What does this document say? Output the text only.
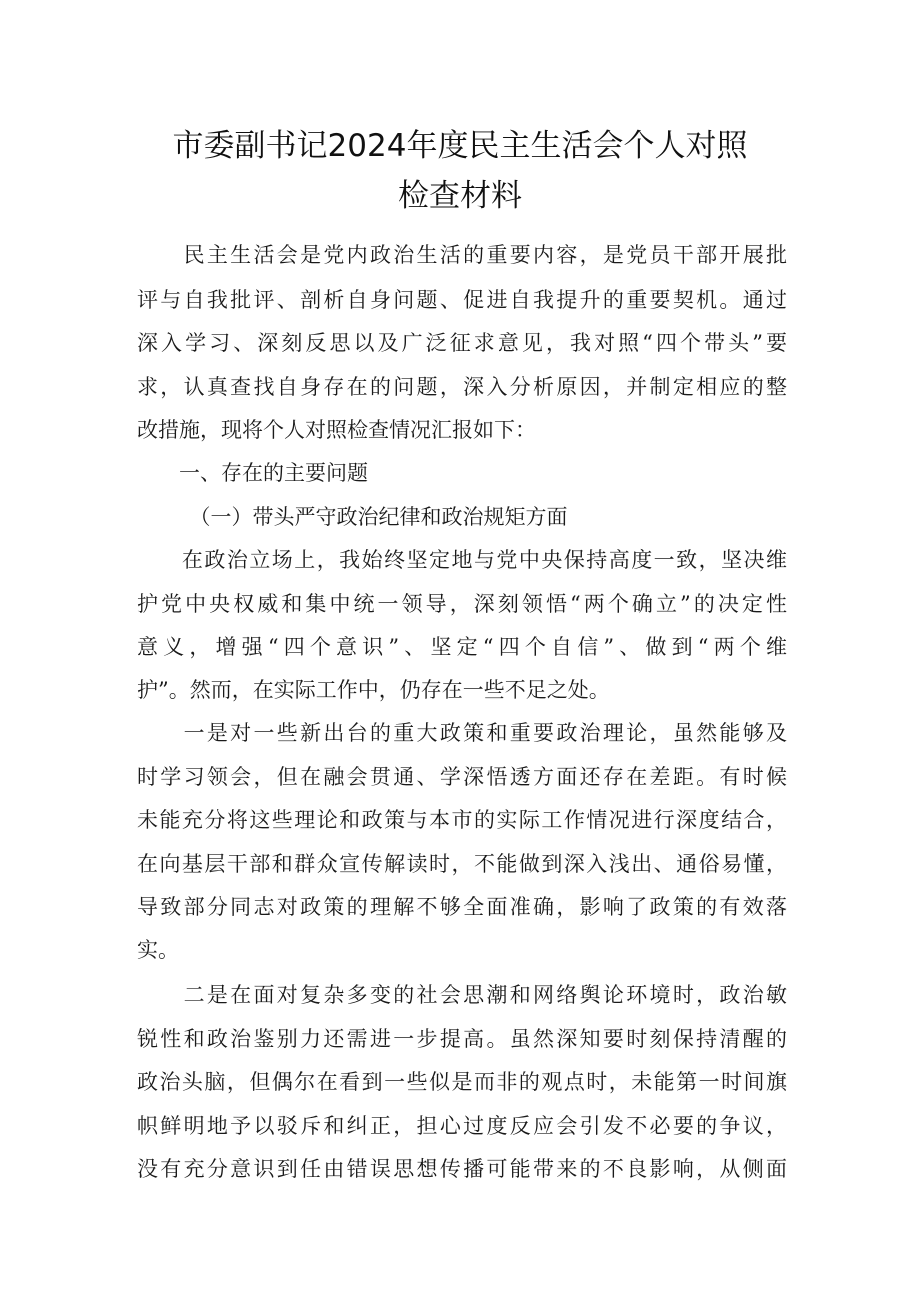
市委副书记2024年度民主生活会个人对照
检查材料
　　民主生活会是党内政治生活的重要内容，是党员干部开展批
评与自我批评、剖析自身问题、促进自我提升的重要契机。通过
深入学习、深刻反思以及广泛征求意见，我对照“四个带头”要
求，认真查找自身存在的问题，深入分析原因，并制定相应的整
改措施，现将个人对照检查情况汇报如下：
　　一、存在的主要问题
　　　（一）带头严守政治纪律和政治规矩方面
　　在政治立场上，我始终坚定地与党中央保持高度一致，坚决维
护党中央权威和集中统一领导，深刻领悟“两个确立”的决定性
意义，增强“四个意识”、坚定“四个自信”、做到“两个维
护”。然而，在实际工作中，仍存在一些不足之处。
　　一是对一些新出台的重大政策和重要政治理论，虽然能够及
时学习领会，但在融会贯通、学深悟透方面还存在差距。有时候
未能充分将这些理论和政策与本市的实际工作情况进行深度结合，
在向基层干部和群众宣传解读时，不能做到深入浅出、通俗易懂，
导致部分同志对政策的理解不够全面准确，影响了政策的有效落
实。
　　二是在面对复杂多变的社会思潮和网络舆论环境时，政治敏
锐性和政治鉴别力还需进一步提高。虽然深知要时刻保持清醒的
政治头脑，但偶尔在看到一些似是而非的观点时，未能第一时间旗
帜鲜明地予以驳斥和纠正，担心过度反应会引发不必要的争议，
没有充分意识到任由错误思想传播可能带来的不良影响，从侧面
